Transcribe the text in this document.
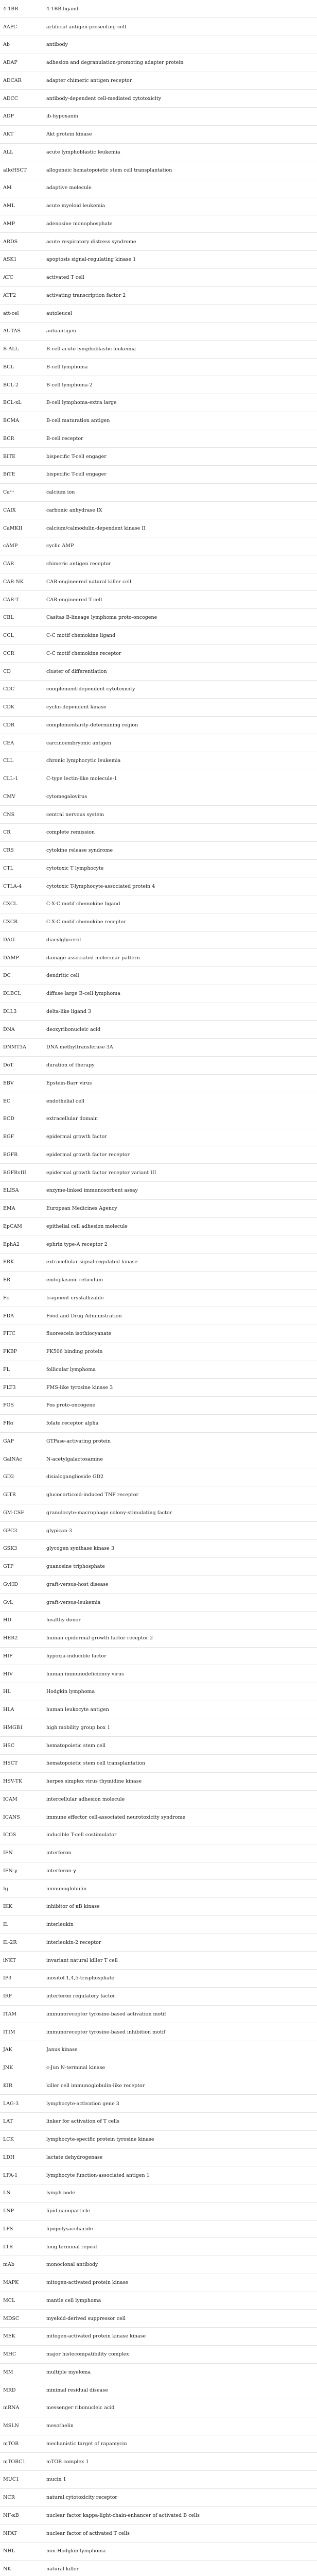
4-1BB	4-1BB ligand
AAPC	artificial antigen-presenting cell
Ab	antibody
ADAP	adhesion and degranulation-promoting adapter protein
ADCAR	adapter chimeric antigen receptor
ADCC	antibody-dependent cell-mediated cytotoxicity
ADP	ib-hypoxanin
AKT	Akt protein kinase
ALL	acute lymphoblastic leukemia
alloHSCT	allogeneic hematopoietic stem cell transplantation
AM	adaptive molecule
AML	acute myeloid leukemia
AMP	adenosine monophosphate
ARDS	acute respiratory distress syndrome
ASK1	apoptosis signal-regulating kinase 1
ATC	activated T cell
ATF2	activating transcription factor 2
att-cel	autoleucel
AUTAS	autoantigen
B-ALL	B-cell acute lymphoblastic leukemia
BCL	B-cell lymphoma
BCL-2	B-cell lymphoma-2
BCL-xL	B-cell lymphoma-extra large
BCMA	B-cell maturation antigen
BCR	B-cell receptor
BITE	bispecific T-cell engager
BiTE	bispecific T-cell engager
Ca²⁺	calcium ion
CAIX	carbonic anhydrase IX
CaMKII	calcium/calmodulin-dependent kinase II
cAMP	cyclic AMP
CAR	chimeric antigen receptor
CAR-NK	CAR-engineered natural killer cell
CAR-T	CAR-engineered T cell
CBL	Casitas B-lineage lymphoma proto-oncogene
CCL	C-C motif chemokine ligand
CCR	C-C motif chemokine receptor
CD	cluster of differentiation
CDC	complement-dependent cytotoxicity
CDK	cyclin-dependent kinase
CDR	complementarity-determining region
CEA	carcinoembryonic antigen
CLL	chronic lymphocytic leukemia
CLL-1	C-type lectin-like molecule-1
CMV	cytomegalovirus
CNS	central nervous system
CR	complete remission
CRS	cytokine release syndrome
CTL	cytotoxic T lymphocyte
CTLA-4	cytotoxic T-lymphocyte-associated protein 4
CXCL	C-X-C motif chemokine ligand
CXCR	C-X-C motif chemokine receptor
DAG	diacylglycerol
DAMP	damage-associated molecular pattern
DC	dendritic cell
DLBCL	diffuse large B-cell lymphoma
DLL3	delta-like ligand 3
DNA	deoxyribonucleic acid
DNMT3A	DNA methyltransferase 3A
DoT	duration of therapy
EBV	Epstein-Barr virus
EC	endothelial cell
ECD	extracellular domain
EGF	epidermal growth factor
EGFR	epidermal growth factor receptor
EGFRvIII	epidermal growth factor receptor variant III
ELISA	enzyme-linked immunosorbent assay
EMA	European Medicines Agency
EpCAM	epithelial cell adhesion molecule
EphA2	ephrin type-A receptor 2
ERK	extracellular signal-regulated kinase
ER	endoplasmic reticulum
Fc	fragment crystallizable
FDA	Food and Drug Administration
FITC	fluorescein isothiocyanate
FKBP	FK506 binding protein
FL	follicular lymphoma
FLT3	FMS-like tyrosine kinase 3
FOS	Fos proto-oncogene
FRα	folate receptor alpha
GAP	GTPase-activating protein
GalNAc	N-acetylgalactosamine
GD2	disialoganglioside GD2
GITR	glucocorticoid-induced TNF receptor
GM-CSF	granulocyte-macrophage colony-stimulating factor
GPC3	glypican-3
GSK3	glycogen synthase kinase 3
GTP	guanosine triphosphate
GvHD	graft-versus-host disease
GvL	graft-versus-leukemia
HD	healthy donor
HER2	human epidermal growth factor receptor 2
HIF	hypoxia-inducible factor
HIV	human immunodeficiency virus
HL	Hodgkin lymphoma
HLA	human leukocyte antigen
HMGB1	high mobility group box 1
HSC	hematopoietic stem cell
HSCT	hematopoietic stem cell transplantation
HSV-TK	herpes simplex virus thymidine kinase
ICAM	intercellular adhesion molecule
ICANS	immune effector cell-associated neurotoxicity syndrome
ICOS	inducible T-cell costimulator
IFN	interferon
IFN-γ	interferon-γ
Ig	immunoglobulin
IKK	inhibitor of κB kinase
IL	interleukin
IL-2R	interleukin-2 receptor
iNKT	invariant natural killer T cell
IP3	inositol 1,4,5-trisphosphate
IRF	interferon regulatory factor
ITAM	immunoreceptor tyrosine-based activation motif
ITIM	immunoreceptor tyrosine-based inhibition motif
JAK	Janus kinase
JNK	c-Jun N-terminal kinase
KIR	killer cell immunoglobulin-like receptor
LAG-3	lymphocyte-activation gene 3
LAT	linker for activation of T cells
LCK	lymphocyte-specific protein tyrosine kinase
LDH	lactate dehydrogenase
LFA-1	lymphocyte function-associated antigen 1
LN	lymph node
LNP	lipid nanoparticle
LPS	lipopolysaccharide
LTR	long terminal repeat
mAb	monoclonal antibody
MAPK	mitogen-activated protein kinase
MCL	mantle cell lymphoma
MDSC	myeloid-derived suppressor cell
MEK	mitogen-activated protein kinase kinase
MHC	major histocompatibility complex
MM	multiple myeloma
MRD	minimal residual disease
mRNA	messenger ribonucleic acid
MSLN	mesothelin
mTOR	mechanistic target of rapamycin
mTORC1	mTOR complex 1
MUC1	mucin 1
NCR	natural cytotoxicity receptor
NF-κB	nuclear factor kappa-light-chain-enhancer of activated B cells
NFAT	nuclear factor of activated T cells
NHL	non-Hodgkin lymphoma
NK	natural killer
